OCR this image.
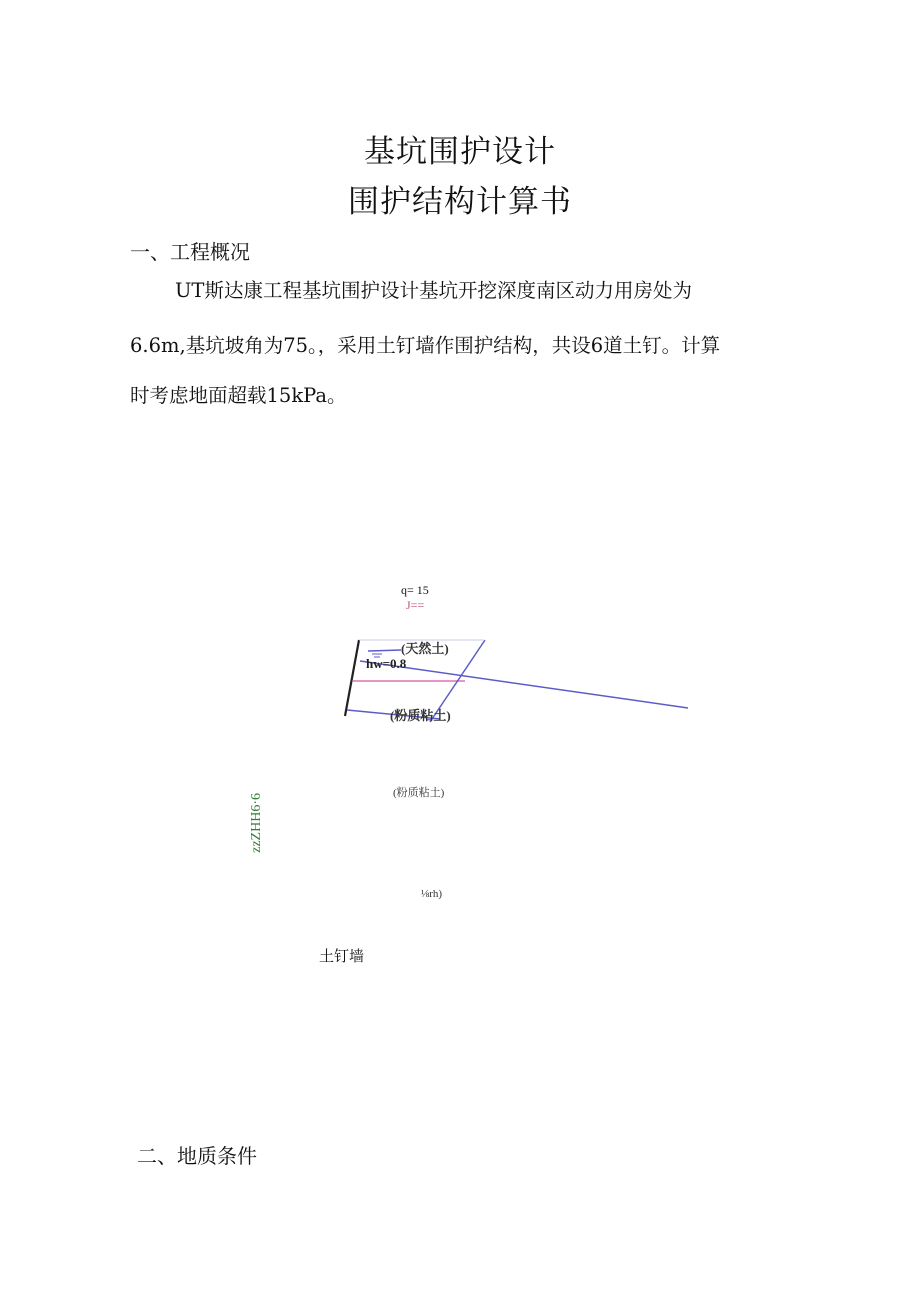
基坑围护设计
围护结构计算书
一、工程概况
UT斯达康工程基坑围护设计基坑开挖深度南区动力用房处为
6.6m,基坑坡角为75。，采用土钉墙作围护结构，共设6道土钉。计算
时考虑地面超载15kPa。
q= 15
J==
(天然土)
hw=0.8
(粉质粘土)
(粉质粘土)
zzZHH6·6
⅛rh)
土钉墙
二、地质条件
